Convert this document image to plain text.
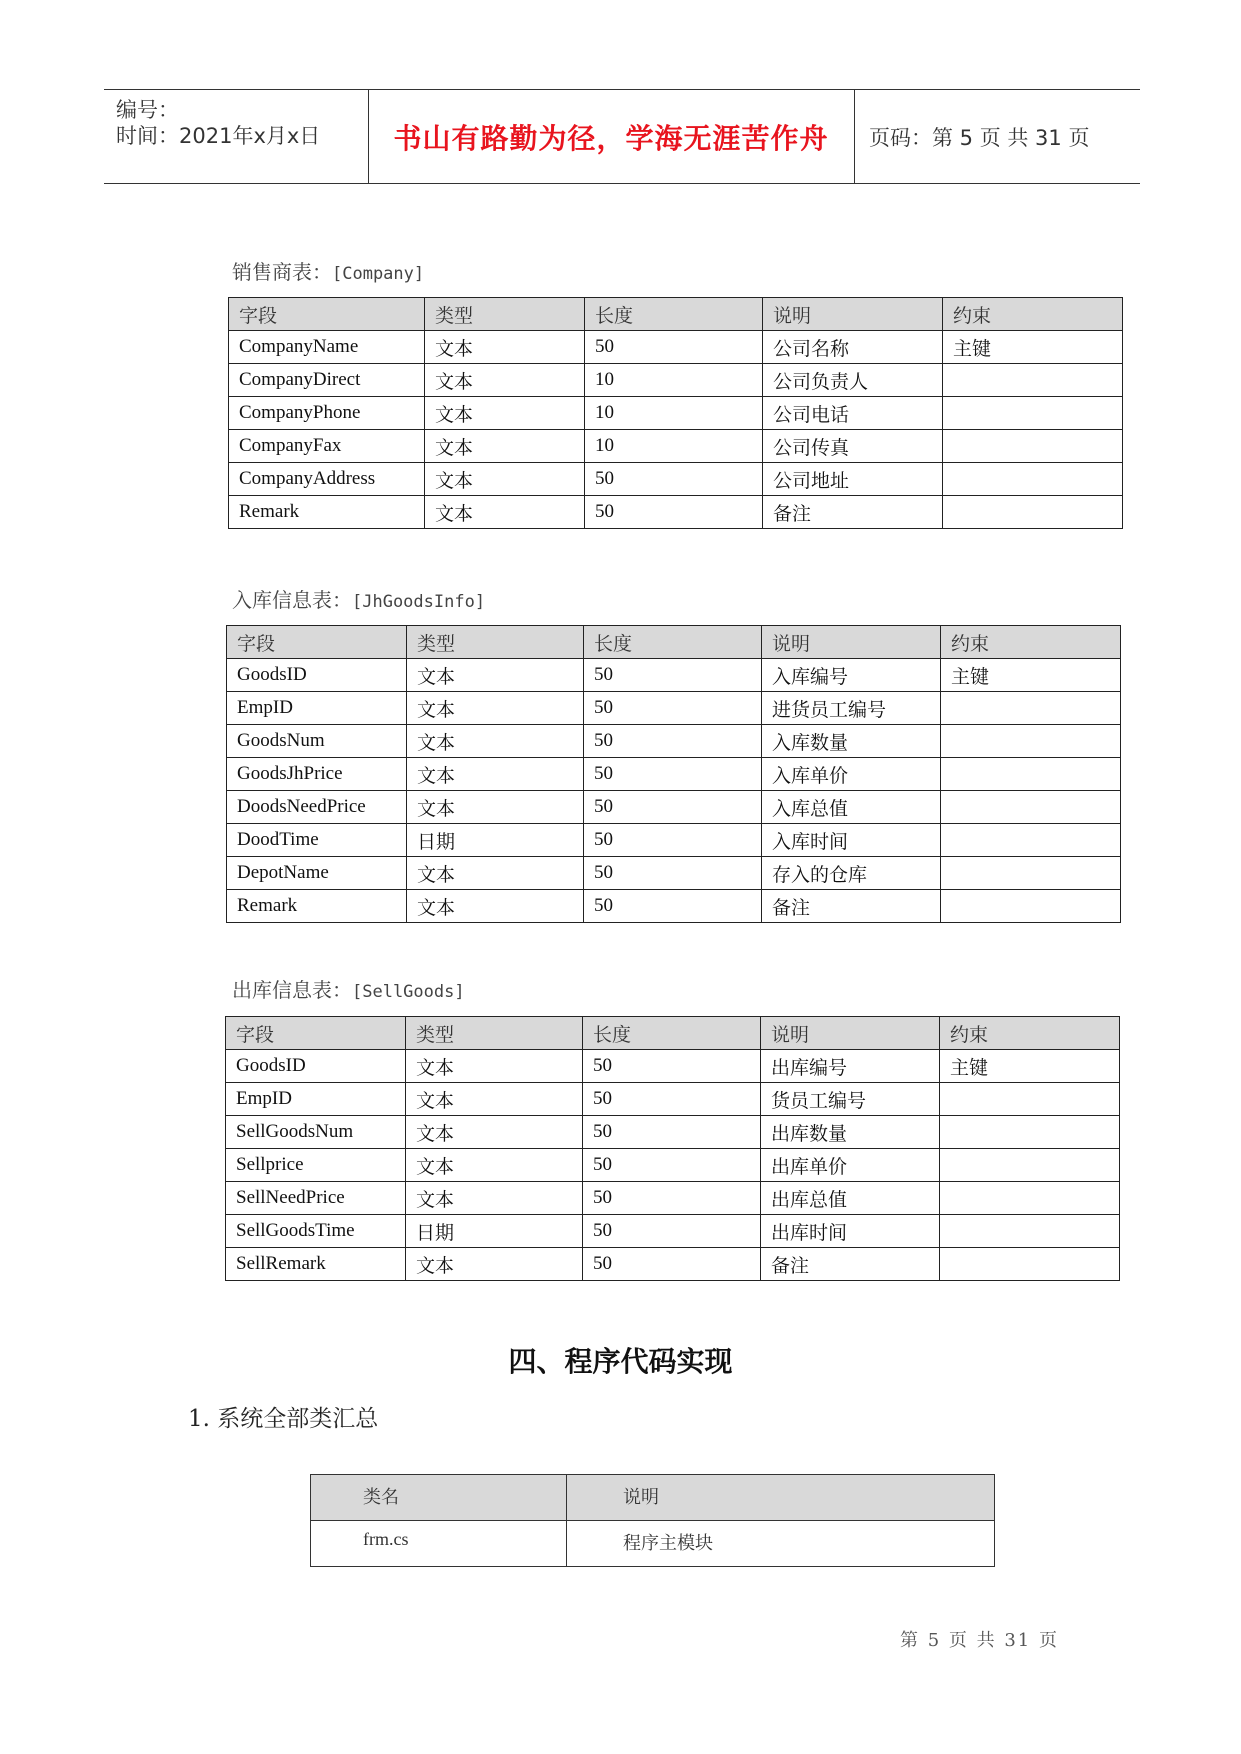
编号：
时间：2021年x月x日	书山有路勤为径，学海无涯苦作舟 页码：第 5 页 共 31 页
销售商表：[Company]
字段	类型	长度	说明	约束
CompanyName	文本	50	公司名称	主键
CompanyDirect	文本	10	公司负责人	
CompanyPhone	文本	10	公司电话	
CompanyFax	文本	10	公司传真	
CompanyAddress	文本	50	公司地址	
Remark	文本	50	备注	
入库信息表：[JhGoodsInfo]
字段	类型	长度	说明	约束
GoodsID	文本	50	入库编号	主键
EmpID	文本	50	进货员工编号	
GoodsNum	文本	50	入库数量	
GoodsJhPrice	文本	50	入库单价	
DoodsNeedPrice	文本	50	入库总值	
DoodTime	日期	50	入库时间	
DepotName	文本	50	存入的仓库	
Remark	文本	50	备注	
出库信息表：[SellGoods]
字段	类型	长度	说明	约束
GoodsID	文本	50	出库编号	主键
EmpID	文本	50	货员工编号	
SellGoodsNum	文本	50	出库数量	
Sellprice	文本	50	出库单价	
SellNeedPrice	文本	50	出库总值	
SellGoodsTime	日期	50	出库时间	
SellRemark	文本	50	备注	
四、程序代码实现
1. 系统全部类汇总
类名	说明
frm.cs	程序主模块
第 5 页 共 31 页
